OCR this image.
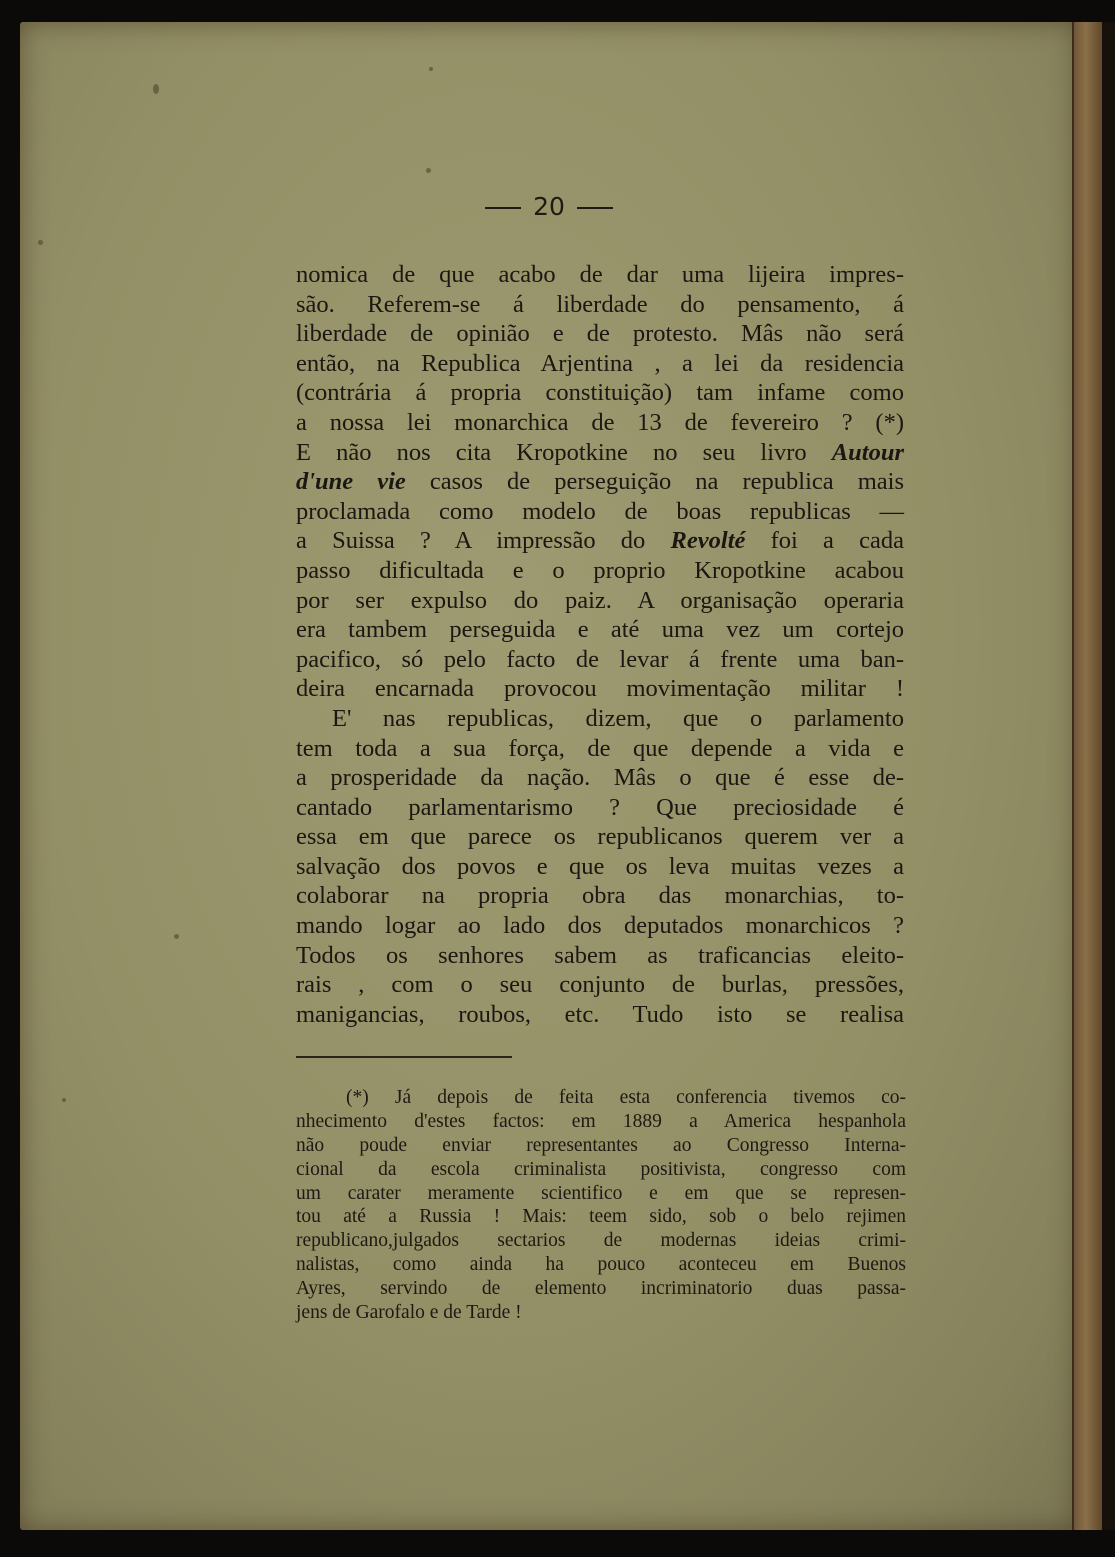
20
nomica de que acabo de dar uma lijeira impres-
são. Referem-se á liberdade do pensamento, á
liberdade de opinião e de protesto. Mâs não será
então, na Republica Arjentina , a lei da residencia
(contrária á propria constituição) tam infame como
a nossa lei monarchica de 13 de fevereiro ? (*)
E não nos cita Kropotkine no seu livro Autour
d'une vie casos de perseguição na republica mais
proclamada como modelo de boas republicas —
a Suissa ? A impressão do Revolté foi a cada
passo dificultada e o proprio Kropotkine acabou
por ser expulso do paiz. A organisação operaria
era tambem perseguida e até uma vez um cortejo
pacifico, só pelo facto de levar á frente uma ban-
deira encarnada provocou movimentação militar !
E' nas republicas, dizem, que o parlamento
tem toda a sua força, de que depende a vida e
a prosperidade da nação. Mâs o que é esse de-
cantado parlamentarismo ? Que preciosidade é
essa em que parece os republicanos querem ver a
salvação dos povos e que os leva muitas vezes a
colaborar na propria obra das monarchias, to-
mando logar ao lado dos deputados monarchicos ?
Todos os senhores sabem as traficancias eleito-
rais , com o seu conjunto de burlas, pressões,
manigancias, roubos, etc. Tudo isto se realisa
(*) Já depois de feita esta conferencia tivemos co-
nhecimento d'estes factos: em 1889 a America hespanhola
não poude enviar representantes ao Congresso Interna-
cional da escola criminalista positivista, congresso com
um carater meramente scientifico e em que se represen-
tou até a Russia ! Mais: teem sido, sob o belo rejimen
republicano,julgados sectarios de modernas ideias crimi-
nalistas, como ainda ha pouco aconteceu em Buenos
Ayres, servindo de elemento incriminatorio duas passa-
jens de Garofalo e de Tarde !
